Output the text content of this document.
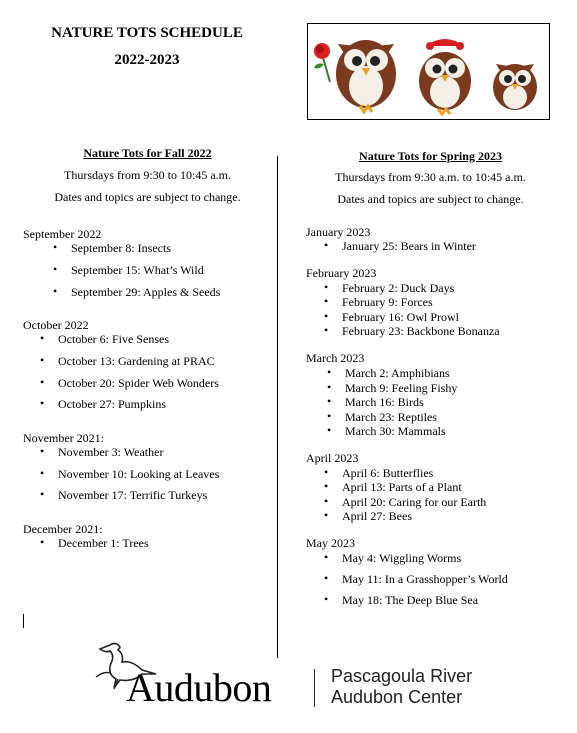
NATURE TOTS SCHEDULE
2022-2023
Nature Tots for Fall 2022
Thursdays from 9:30 to 10:45 a.m.
Dates and topics are subject to change.
September 2022
• September 8: Insects
• September 15: What’s Wild
• September 29: Apples & Seeds
October 2022
• October 6: Five Senses
• October 13: Gardening at PRAC
• October 20: Spider Web Wonders
• October 27: Pumpkins
November 2021:
• November 3: Weather
• November 10: Looking at Leaves
• November 17: Terrific Turkeys
December 2021:
• December 1: Trees
Nature Tots for Spring 2023
Thursdays from 9:30 a.m. to 10:45 a.m.
Dates and topics are subject to change.
January 2023
• January 25: Bears in Winter
February 2023
• February 2: Duck Days
• February 9: Forces
• February 16: Owl Prowl
• February 23: Backbone Bonanza
March 2023
• March 2: Amphibians
• March 9: Feeling Fishy
• March 16: Birds
• March 23: Reptiles
• March 30: Mammals
April 2023
• April 6: Butterflies
• April 13: Parts of a Plant
• April 20: Caring for our Earth
• April 27: Bees
May 2023
• May 4: Wiggling Worms
• May 11: In a Grasshopper’s World
• May 18: The Deep Blue Sea
Audubon	Pascagoula River
Audubon Center
